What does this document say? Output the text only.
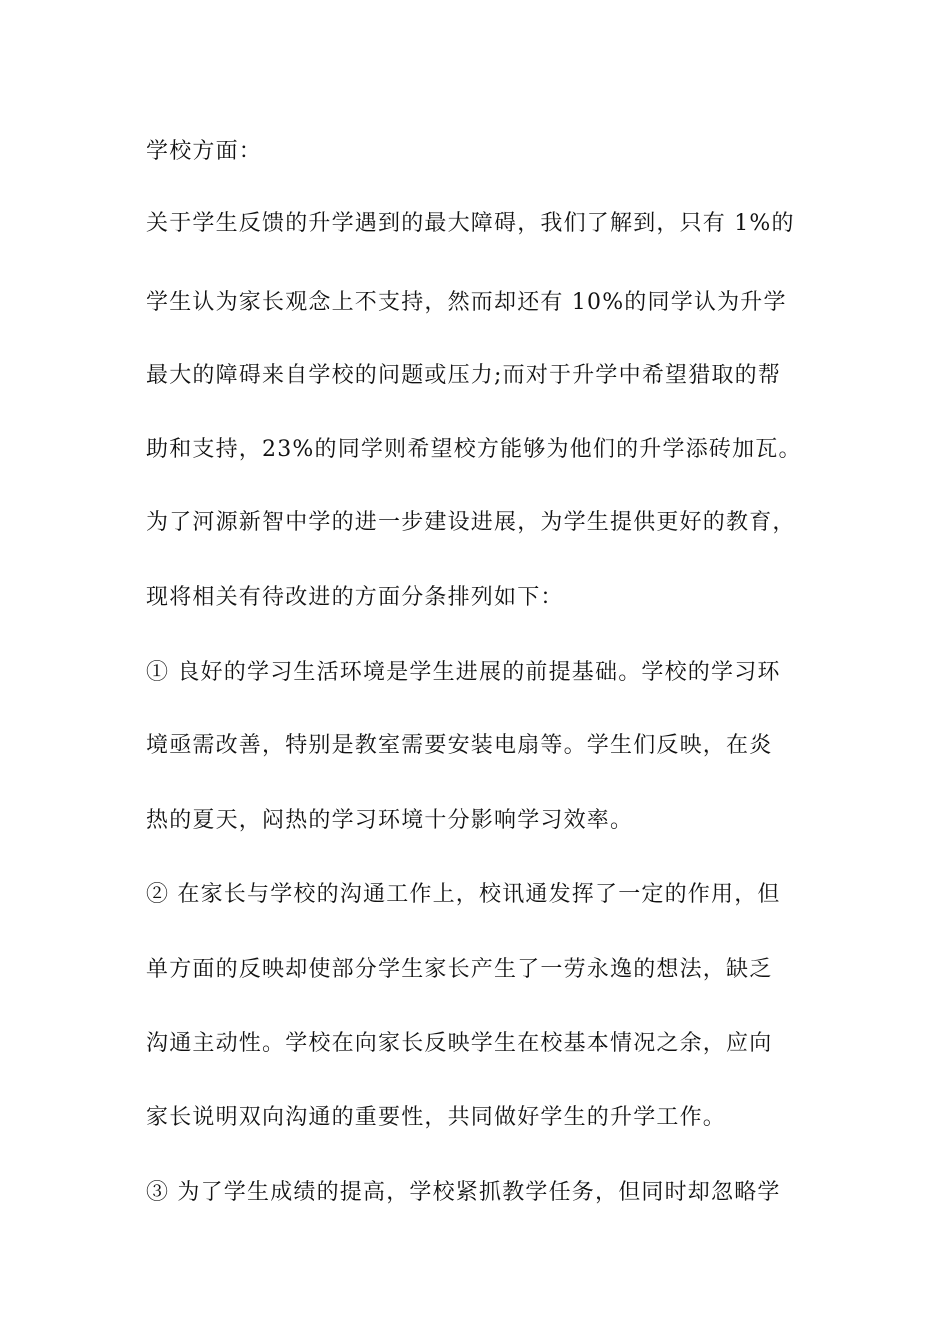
学校方面：

关于学生反馈的升学遇到的最大障碍，我们了解到，只有 1%的

学生认为家长观念上不支持，然而却还有 10%的同学认为升学

最大的障碍来自学校的问题或压力;而对于升学中希望猎取的帮

助和支持，23%的同学则希望校方能够为他们的升学添砖加瓦。

为了河源新智中学的进一步建设进展，为学生提供更好的教育，

现将相关有待改进的方面分条排列如下：

① 良好的学习生活环境是学生进展的前提基础。学校的学习环

境亟需改善，特别是教室需要安装电扇等。学生们反映，在炎

热的夏天，闷热的学习环境十分影响学习效率。

② 在家长与学校的沟通工作上，校讯通发挥了一定的作用，但

单方面的反映却使部分学生家长产生了一劳永逸的想法，缺乏

沟通主动性。学校在向家长反映学生在校基本情况之余，应向

家长说明双向沟通的重要性，共同做好学生的升学工作。

③ 为了学生成绩的提高，学校紧抓教学任务，但同时却忽略学
